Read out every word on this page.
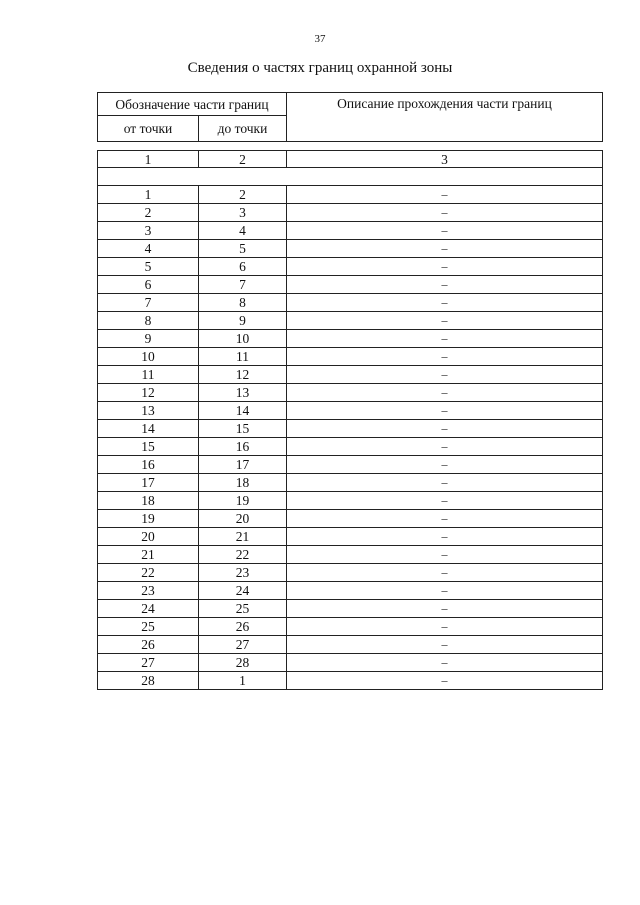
37
Сведения о частях границ охранной зоны
Обозначение части границ		Описание прохождения части границ
от точки	до точки	

1	2	3

1	2	–
2	3	–
3	4	–
4	5	–
5	6	–
6	7	–
7	8	–
8	9	–
9	10	–
10	11	–
11	12	–
12	13	–
13	14	–
14	15	–
15	16	–
16	17	–
17	18	–
18	19	–
19	20	–
20	21	–
21	22	–
22	23	–
23	24	–
24	25	–
25	26	–
26	27	–
27	28	–
28	1	–
